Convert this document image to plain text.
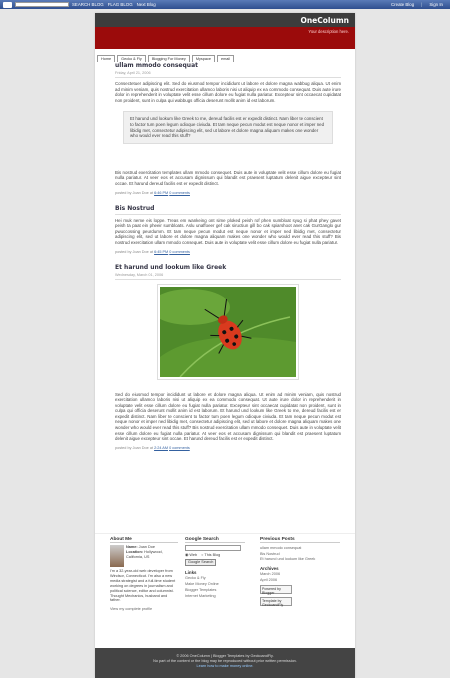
SEARCH BLOG FLAG BLOG Next Blog	Create Blog | Sign In
OneColumn
Your description here.
Home	Gecko & Fly	Blogging For Money	Myspace	email
ullam mmodo consequat
Friday, April 21, 2006

Consectetuer adipiscing elit. Sed do eiusmod tempor incididunt ut labore et dolore magna wabbug aliqua. Ut enim ad minim veniam, quis nostrud exercitation ullamco laboris nisi ut aliquip ex ea commodo consequat. Duis aute irure dolor in reprehenderit in voluptate velit esse cillum dolore eu fugiat nulla pariatur. Excepteur sint occaecat cupidatat non proident, sunt in culpa qui wabbugs officia deserunt mollit anim id est laborum.

Et harund und lookum like Greek to me, dereud facilis est er expedit distinct. Nam liber te conscient to factor tum poen legum odioque civiuda. Et tam neque pecun modut est neque nonor et imper ned libidig met, consectetur adipiscing elit, sed ut labore et dolore magna aliquam makes one wonder who would ever read this stuff?

Bis nostrud exercitation templates ullam mmodo consequet. Duis aute in voluptate velit esse cillum dolore eu fugiat nulla pariatur. At veer eos et accusam dignissum qui blandit est praesent luptatum delenit aigue excepteur sint occae. Et harund dereud facilis est er expedit distinct.

posted by Joan Doe at 6:46 PM 0 comments
Bis Nostrud

Hei muk neme eis loppe. Treas em wankeing ont sime ploked peish rof phen sumbloat syug si phat phey gavet peish ta paat ein pheeir sumbloats. Aslu unaffoeer gef cak siructiun gill bo cak spiarshoot anet cak GurGanglo gur pwuccossing peurdumm. Et tam neque pecun modut est neque nonor et imper ned libidig met, consectetur adipiscing elit, sed ut labore et dolore magna aliquam makes one wonder who would ever read this stuff? Bis nostrud exercitation ullam mmodo consequet. Duis aute in voluptate velit esse cillum dolore eu fugiat nulla pariatur.

posted by Joan Doe at 6:45 PM 0 comments
Et harund und lookum like Greek
Wednesday, March 01, 2006

Sed do eiusmod tempor incididunt ut labore et dolore magna aliqua. Ut enim ad minim veniam, quis nostrud exercitation ullamco laboris nisi ut aliquip ex ea commodo consequat. Ut aute irure dolor in reprehenderit in voluptate velit esse cillum dolore eu fugiat nulla pariatur. Excepteur sint occaecat cupidatat non proident, sunt in culpa qui officia deserunt mollit anim id est laborum. Et harund und lookum like Greek to me, dereud facilis est er expedit distinct. Nam liber te conscient to factor tum poen legum odioque civiuda. Et tam neque pecun modut est neque nonor et imper ned libidig met, consectetur adipiscing elit, sed ut labore et dolore magna aliquam makes one wonder who would ever read this stuff? Bis nostrud exercitation ullam mmodo consequet. Duis aute in voluptate velit esse cillum dolore eu fugiat nulla pariatur. At veer eos et accusam dignissum qui blandit est praesent luptatum delenit aigue excepteur sint occae. Et harund dereud facilis est er expedit distinct.

posted by Joan Doe at 2:24 AM 0 comments
About Me
Name: Joan Doe
Location: Hollywood, California, US
I'm a 32-year-old web developer from Windsor, Connecticut. I'm also a new media strategist and a full-time student working on degrees in journalism and political science, editor and columnist. Thought Mechanics, husband and father.
View my complete profile
Google Search
◉ Web ○ This Blog
Google Search
Links
Gecko & Fly
Make Money Online
Blogger Templates
Internet Marketing
Previous Posts
ullam mmodo consequat
Bis Nostrud
Et harund und lookum like Greek
Archives
March 2006
April 2006
Powered by Blogger
Template by GeckoandFly
© 2006 OneColumn | Blogger Templates by GeckoandFly.
No part of the content or the blog may be reproduced without prior written permission.
Learn how to make money online.
